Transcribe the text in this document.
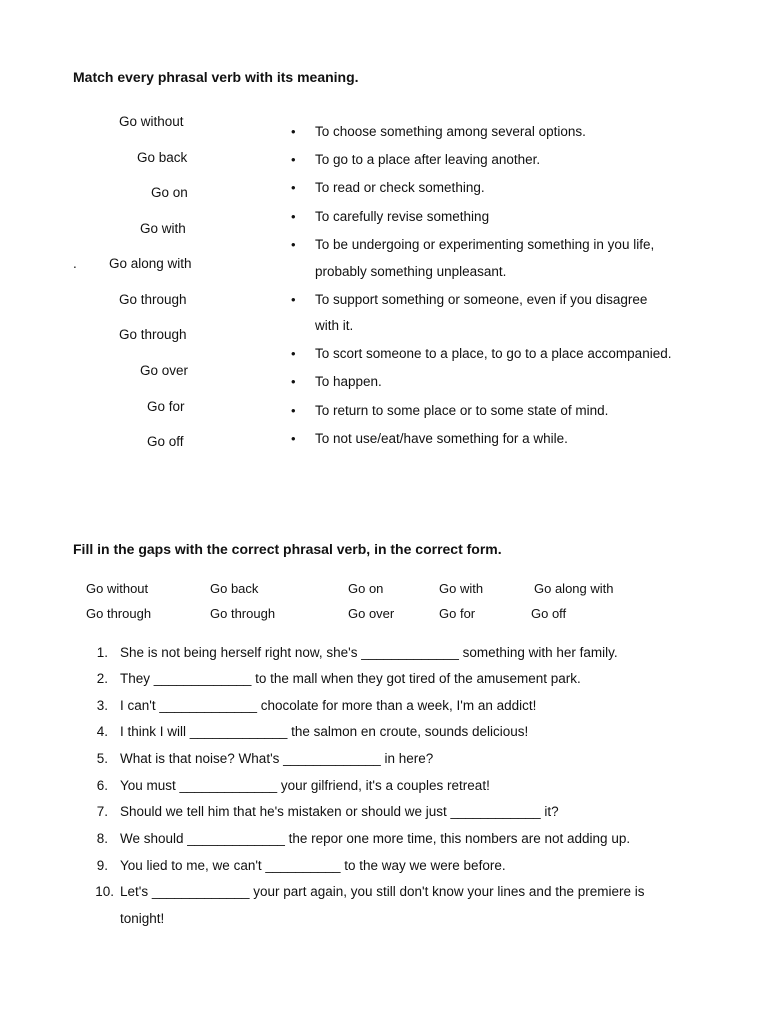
Match every phrasal verb with its meaning.
Go without
Go back
Go on
Go with
. Go along with
Go through
Go through
Go over
Go for
Go off
• To choose something among several options.
• To go to a place after leaving another.
• To read or check something.
• To carefully revise something
• To be undergoing or experimenting something in you life,
probably something unpleasant.
• To support something or someone, even if you disagree
with it.
• To scort someone to a place, to go to a place accompanied.
• To happen.
• To return to some place or to some state of mind.
• To not use/eat/have something for a while.
Fill in the gaps with the correct phrasal verb, in the correct form.
Go without	Go back	Go on	Go with	Go along with
Go through	Go through	Go over	Go for	Go off
1. She is not being herself right now, she's _____________ something with her family.
2. They _____________ to the mall when they got tired of the amusement park.
3. I can't _____________ chocolate for more than a week, I'm an addict!
4. I think I will _____________ the salmon en croute, sounds delicious!
5. What is that noise? What's _____________ in here?
6. You must _____________ your gilfriend, it's a couples retreat!
7. Should we tell him that he's mistaken or should we just ____________ it?
8. We should _____________ the repor one more time, this nombers are not adding up.
9. You lied to me, we can't __________ to the way we were before.
10. Let's _____________ your part again, you still don't know your lines and the premiere is
tonight!
